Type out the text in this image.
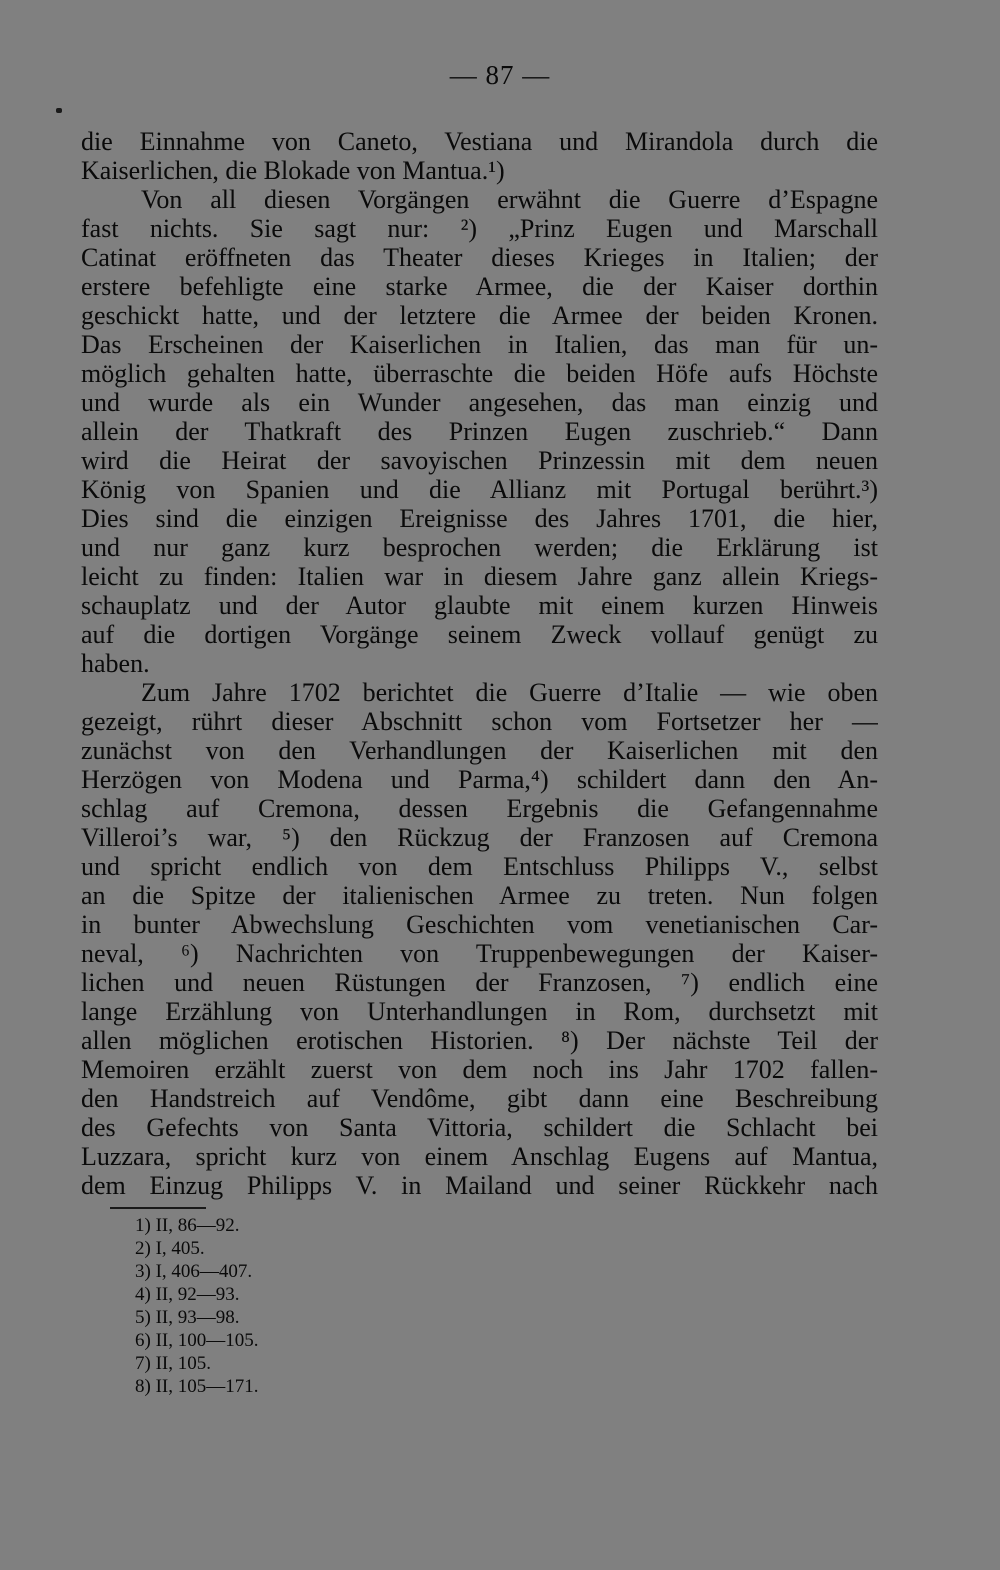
— 87 —
die Einnahme von Caneto, Vestiana und Mirandola durch die
Kaiserlichen, die Blokade von Mantua.¹)
Von all diesen Vorgängen erwähnt die Guerre d’Espagne
fast nichts. Sie sagt nur: ²) „Prinz Eugen und Marschall
Catinat eröffneten das Theater dieses Krieges in Italien; der
erstere befehligte eine starke Armee, die der Kaiser dorthin
geschickt hatte, und der letztere die Armee der beiden Kronen.
Das Erscheinen der Kaiserlichen in Italien, das man für un-
möglich gehalten hatte, überraschte die beiden Höfe aufs Höchste
und wurde als ein Wunder angesehen, das man einzig und
allein der Thatkraft des Prinzen Eugen zuschrieb.“ Dann
wird die Heirat der savoyischen Prinzessin mit dem neuen
König von Spanien und die Allianz mit Portugal berührt.³)
Dies sind die einzigen Ereignisse des Jahres 1701, die hier,
und nur ganz kurz besprochen werden; die Erklärung ist
leicht zu finden: Italien war in diesem Jahre ganz allein Kriegs-
schauplatz und der Autor glaubte mit einem kurzen Hinweis
auf die dortigen Vorgänge seinem Zweck vollauf genügt zu
haben.
Zum Jahre 1702 berichtet die Guerre d’Italie — wie oben
gezeigt, rührt dieser Abschnitt schon vom Fortsetzer her —
zunächst von den Verhandlungen der Kaiserlichen mit den
Herzögen von Modena und Parma,⁴) schildert dann den An-
schlag auf Cremona, dessen Ergebnis die Gefangennahme
Villeroi’s war, ⁵) den Rückzug der Franzosen auf Cremona
und spricht endlich von dem Entschluss Philipps V., selbst
an die Spitze der italienischen Armee zu treten. Nun folgen
in bunter Abwechslung Geschichten vom venetianischen Car-
neval, ⁶) Nachrichten von Truppenbewegungen der Kaiser-
lichen und neuen Rüstungen der Franzosen, ⁷) endlich eine
lange Erzählung von Unterhandlungen in Rom, durchsetzt mit
allen möglichen erotischen Historien. ⁸) Der nächste Teil der
Memoiren erzählt zuerst von dem noch ins Jahr 1702 fallen-
den Handstreich auf Vendôme, gibt dann eine Beschreibung
des Gefechts von Santa Vittoria, schildert die Schlacht bei
Luzzara, spricht kurz von einem Anschlag Eugens auf Mantua,
dem Einzug Philipps V. in Mailand und seiner Rückkehr nach
1) II, 86—92.
2) I, 405.
3) I, 406—407.
4) II, 92—93.
5) II, 93—98.
6) II, 100—105.
7) II, 105.
8) II, 105—171.
